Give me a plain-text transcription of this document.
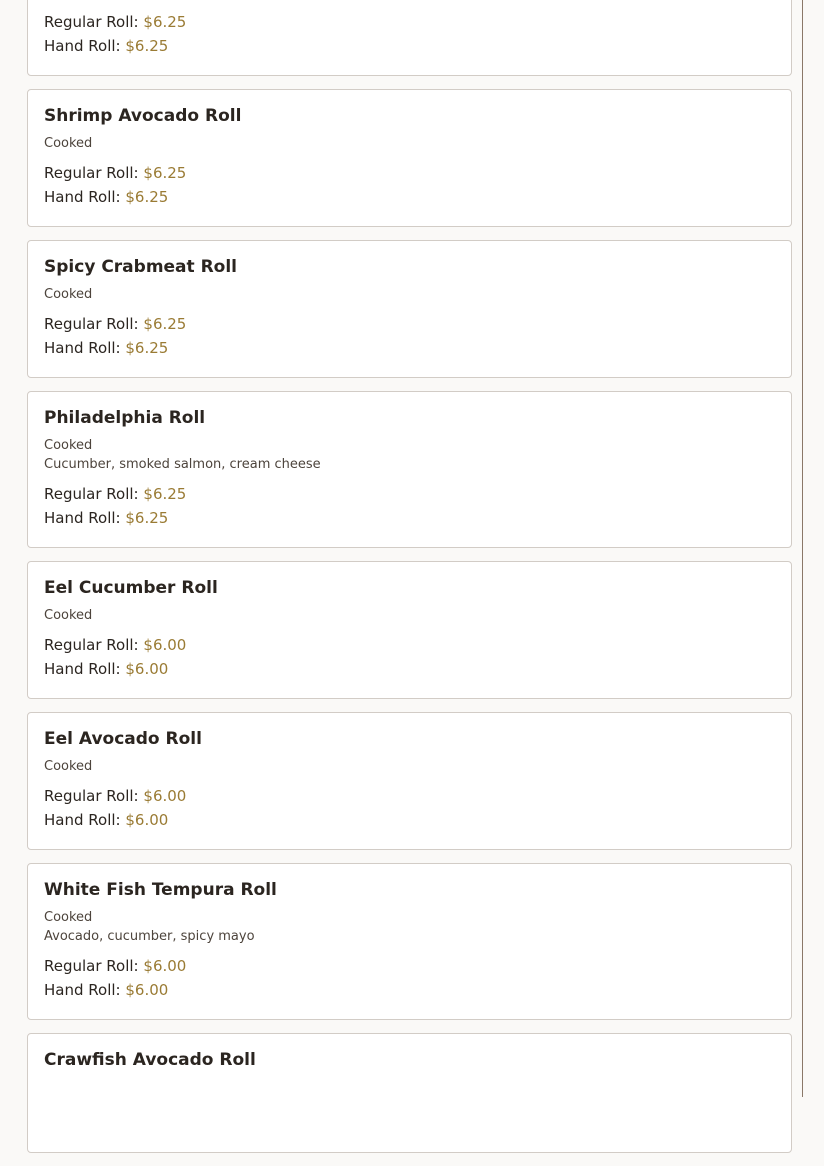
Regular Roll: $6.25
Hand Roll: $6.25
Shrimp Avocado Roll
Cooked
Regular Roll: $6.25
Hand Roll: $6.25
Spicy Crabmeat Roll
Cooked
Regular Roll: $6.25
Hand Roll: $6.25
Philadelphia Roll
Cooked
Cucumber, smoked salmon, cream cheese
Regular Roll: $6.25
Hand Roll: $6.25
Eel Cucumber Roll
Cooked
Regular Roll: $6.00
Hand Roll: $6.00
Eel Avocado Roll
Cooked
Regular Roll: $6.00
Hand Roll: $6.00
White Fish Tempura Roll
Cooked
Avocado, cucumber, spicy mayo
Regular Roll: $6.00
Hand Roll: $6.00
Crawfish Avocado Roll
